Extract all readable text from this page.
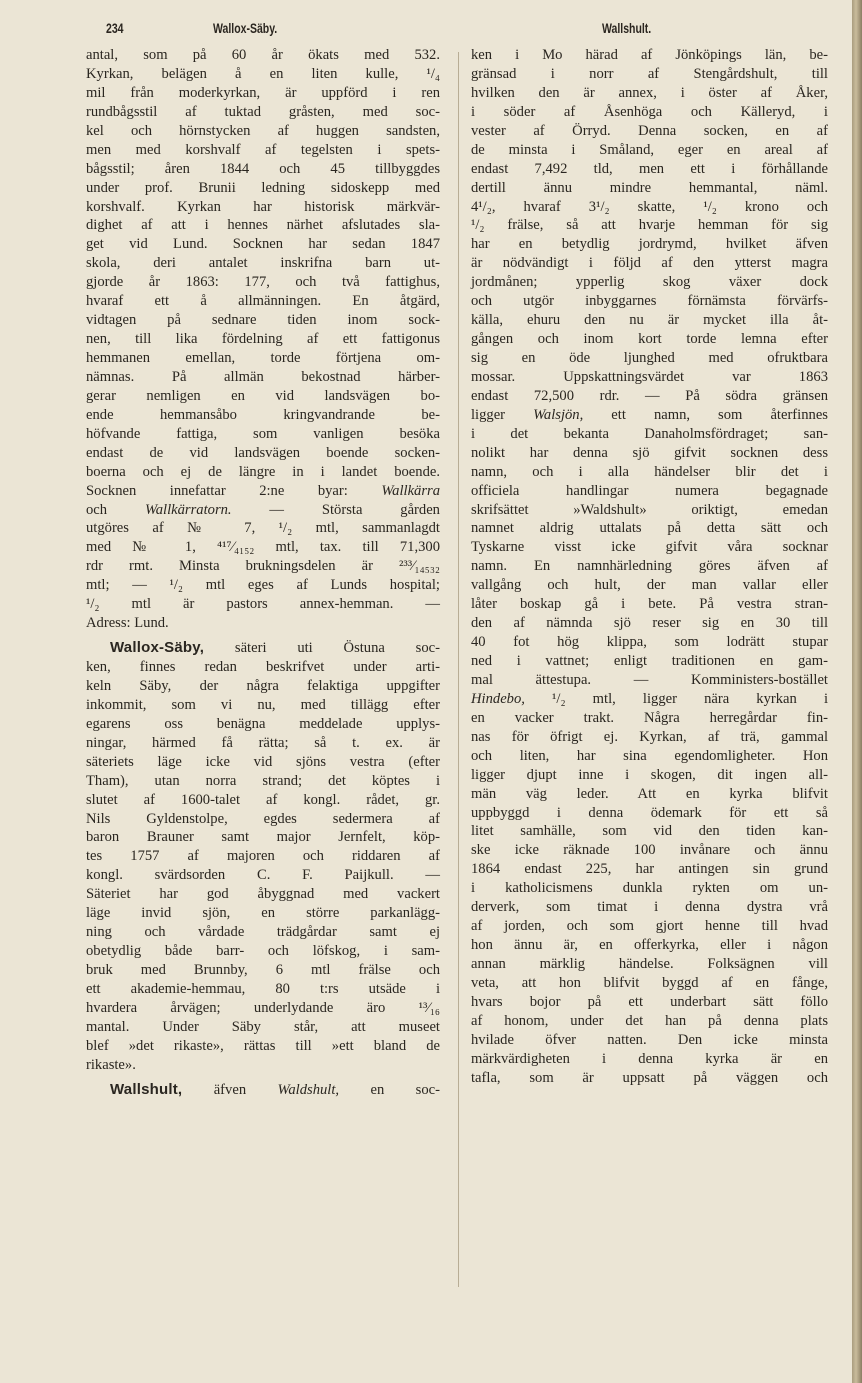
234	Wallox-Säby.	Wallshult.
antal, som på 60 år ökats med 532.
Kyrkan, belägen å en liten kulle, ¹/₄
mil från moderkyrkan, är uppförd i ren
rundbågsstil af tuktad gråsten, med soc-
kel och hörnstycken af huggen sandsten,
men med korshvalf af tegelsten i spets-
bågsstil; åren 1844 och 45 tillbyggdes
under prof. Brunii ledning sidoskepp med
korshvalf. Kyrkan har historisk märkvär-
dighet af att i hennes närhet afslutades sla-
get vid Lund. Socknen har sedan 1847
skola, deri antalet inskrifna barn ut-
gjorde år 1863: 177, och två fattighus,
hvaraf ett å allmänningen. En åtgärd,
vidtagen på sednare tiden inom sock-
nen, till lika fördelning af ett fattigonus
hemmanen emellan, torde förtjena om-
nämnas. På allmän bekostnad härber-
gerar nemligen en vid landsvägen bo-
ende hemmansåbo kringvandrande be-
höfvande fattiga, som vanligen besöka
endast de vid landsvägen boende socken-
boerna och ej de längre in i landet boende.
Socknen innefattar 2:ne byar: Wallkärra
och Wallkärratorn. — Största gården
utgöres af № 7, ¹/₂ mtl, sammanlagdt
med № 1, ⁴¹⁷⁄₄₁₅₂ mtl, tax. till 71,300
rdr rmt. Minsta brukningsdelen är ²³³⁄₁₄₅₃₂
mtl; — ¹/₂ mtl eges af Lunds hospital;
¹/₂ mtl är pastors annex-hemman. —
Adress: Lund.
Wallox-Säby, säteri uti Östuna soc-
ken, finnes redan beskrifvet under arti-
keln Säby, der några felaktiga uppgifter
inkommit, som vi nu, med tillägg efter
egarens oss benägna meddelade upplys-
ningar, härmed få rätta; så t. ex. är
säteriets läge icke vid sjöns vestra (efter
Tham), utan norra strand; det köptes i
slutet af 1600-talet af kongl. rådet, gr.
Nils Gyldenstolpe, egdes sedermera af
baron Brauner samt major Jernfelt, köp-
tes 1757 af majoren och riddaren af
kongl. svärdsorden C. F. Paijkull. —
Säteriet har god åbyggnad med vackert
läge invid sjön, en större parkanlägg-
ning och vårdade trädgårdar samt ej
obetydlig både barr- och löfskog, i sam-
bruk med Brunnby, 6 mtl frälse och
ett akademie-hemmau, 80 t:rs utsäde i
hvardera årvägen; underlydande äro ¹³⁄₁₆
mantal. Under Säby står, att museet
blef »det rikaste», rättas till »ett bland de
rikaste».
Wallshult, äfven Waldshult, en soc-
ken i Mo härad af Jönköpings län, be-
gränsad i norr af Stengårdshult, till
hvilken den är annex, i öster af Åker,
i söder af Åsenhöga och Källeryd, i
vester af Örryd. Denna socken, en af
de minsta i Småland, eger en areal af
endast 7,492 tld, men ett i förhållande
dertill ännu mindre hemmantal, näml.
4¹/₂, hvaraf 3¹/₂ skatte, ¹/₂ krono och
¹/₂ frälse, så att hvarje hemman för sig
har en betydlig jordrymd, hvilket äfven
är nödvändigt i följd af den ytterst magra
jordmånen; ypperlig skog växer dock
och utgör inbyggarnes förnämsta förvärfs-
källa, ehuru den nu är mycket illa åt-
gången och inom kort torde lemna efter
sig en öde ljunghed med ofruktbara
mossar. Uppskattningsvärdet var 1863
endast 72,500 rdr. — På södra gränsen
ligger Walsjön, ett namn, som återfinnes
i det bekanta Danaholmsfördraget; san-
nolikt har denna sjö gifvit socknen dess
namn, och i alla händelser blir det i
officiela handlingar numera begagnade
skrifsättet »Waldshult» oriktigt, emedan
namnet aldrig uttalats på detta sätt och
Tyskarne visst icke gifvit våra socknar
namn. En namnhärledning göres äfven af
vallgång och hult, der man vallar eller
låter boskap gå i bete. På vestra stran-
den af nämnda sjö reser sig en 30 till
40 fot hög klippa, som lodrätt stupar
ned i vattnet; enligt traditionen en gam-
mal ättestupa. — Komministers-bostället
Hindebo, ¹/₂ mtl, ligger nära kyrkan i
en vacker trakt. Några herregårdar fin-
nas för öfrigt ej. Kyrkan, af trä, gammal
och liten, har sina egendomligheter. Hon
ligger djupt inne i skogen, dit ingen all-
män väg leder. Att en kyrka blifvit
uppbyggd i denna ödemark för ett så
litet samhälle, som vid den tiden kan-
ske icke räknade 100 invånare och ännu
1864 endast 225, har antingen sin grund
i katholicismens dunkla rykten om un-
derverk, som timat i denna dystra vrå
af jorden, och som gjort henne till hvad
hon ännu är, en offerkyrka, eller i någon
annan märklig händelse. Folksägnen vill
veta, att hon blifvit byggd af en fånge,
hvars bojor på ett underbart sätt föllo
af honom, under det han på denna plats
hvilade öfver natten. Den icke minsta
märkvärdigheten i denna kyrka är en
tafla, som är uppsatt på väggen och
